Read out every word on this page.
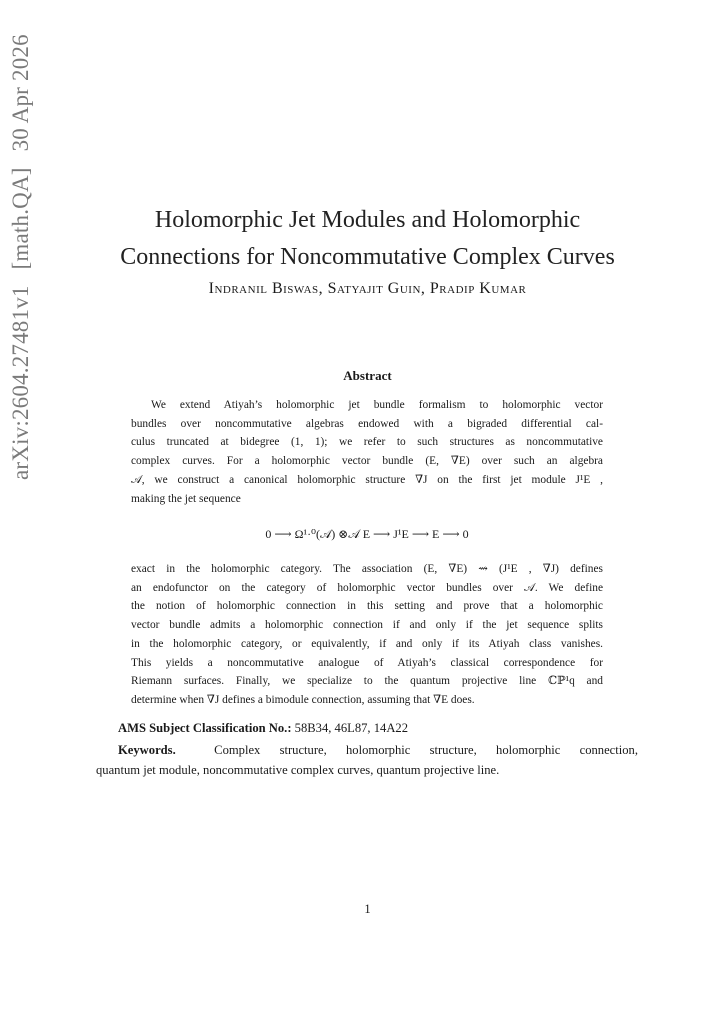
arXiv:2604.27481v1 [math.QA] 30 Apr 2026
Holomorphic Jet Modules and Holomorphic
Connections for Noncommutative Complex Curves
Indranil Biswas, Satyajit Guin, Pradip Kumar
Abstract
We extend Atiyah’s holomorphic jet bundle formalism to holomorphic vector
bundles over noncommutative algebras endowed with a bigraded differential cal-
culus truncated at bidegree (1, 1); we refer to such structures as noncommutative
complex curves. For a holomorphic vector bundle (E, ∇̄E) over such an algebra
𝒜, we construct a canonical holomorphic structure ∇̄J on the first jet module J¹E ,
making the jet sequence
0 ⟶ Ω¹·⁰(𝒜) ⊗𝒜 E ⟶ J¹E ⟶ E ⟶ 0
exact in the holomorphic category. The association (E, ∇̄E) ⇝ (J¹E , ∇̄J) defines
an endofunctor on the category of holomorphic vector bundles over 𝒜. We define
the notion of holomorphic connection in this setting and prove that a holomorphic
vector bundle admits a holomorphic connection if and only if the jet sequence splits
in the holomorphic category, or equivalently, if and only if its Atiyah class vanishes.
This yields a noncommutative analogue of Atiyah’s classical correspondence for
Riemann surfaces. Finally, we specialize to the quantum projective line ℂℙ¹q and
determine when ∇̄J defines a bimodule connection, assuming that ∇̄E does.
AMS Subject Classification No.: 58B34, 46L87, 14A22
Keywords.	Complex structure, holomorphic structure, holomorphic connection,
quantum jet module, noncommutative complex curves, quantum projective line.
1
